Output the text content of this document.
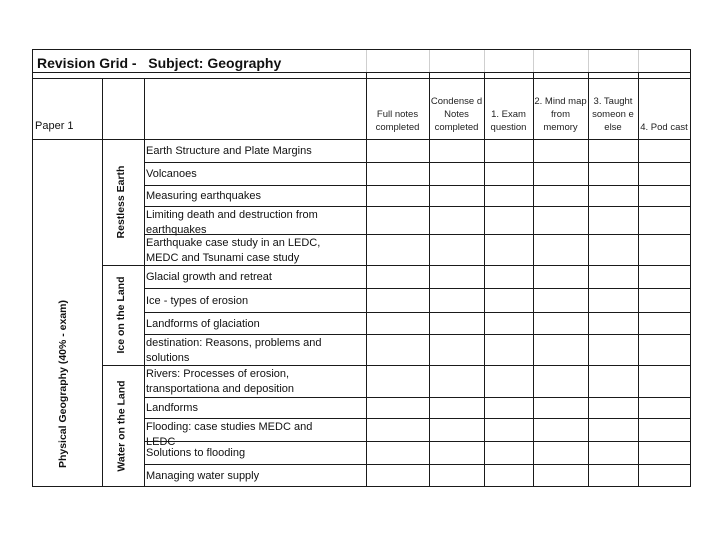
Revision Grid -   Subject: Geography
Paper 1
Full notes completed
Condense d Notes completed
1. Exam question
2. Mind map from memory
3. Taught someon e else	4. Pod cast
Earth Structure and Plate Margins
Volcanoes
Measuring earthquakes
Limiting death and destruction from
earthquakes
Earthquake case study in an LEDC,
MEDC and Tsunami case study
Glacial growth and retreat
Ice - types of erosion
Landforms of glaciation
destination: Reasons, problems and
solutions
Rivers: Processes of erosion,
transportationa and deposition
Landforms
Flooding: case studies MEDC and
LEDC
Solutions to flooding
Managing water supply
Restless Earth
Ice on the Land
Water on the Land
Physical Geography (40% - exam)
